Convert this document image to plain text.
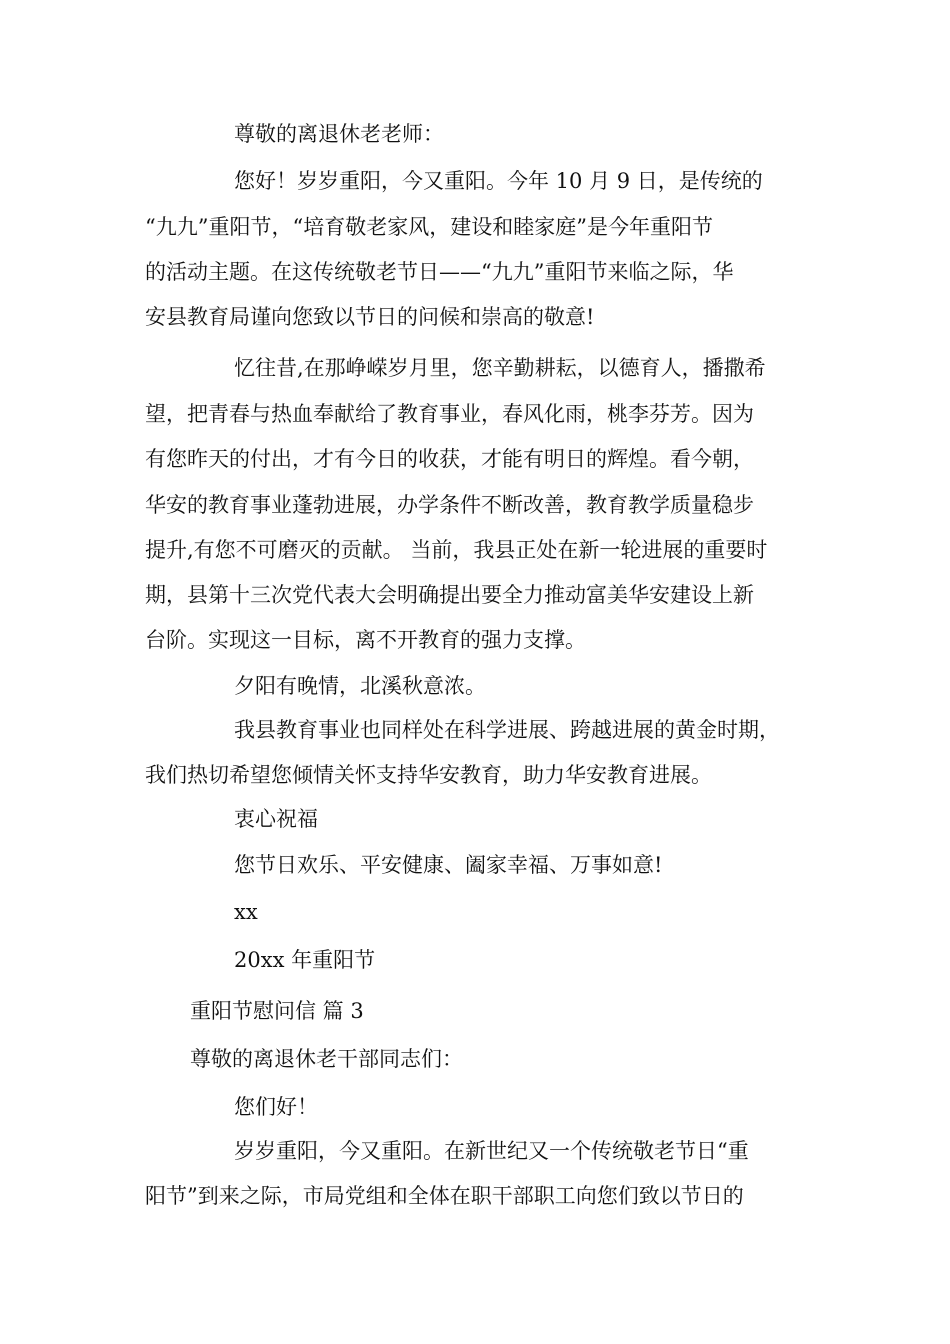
尊敬的离退休老老师：
您好！岁岁重阳，今又重阳。今年 10 月 9 日，是传统的
“九九”重阳节，“培育敬老家风，建设和睦家庭”是今年重阳节
的活动主题。在这传统敬老节日——“九九”重阳节来临之际，华
安县教育局谨向您致以节日的问候和崇高的敬意!
忆往昔,在那峥嵘岁月里，您辛勤耕耘，以德育人，播撒希
望，把青春与热血奉献给了教育事业，春风化雨，桃李芬芳。因为
有您昨天的付出，才有今日的收获，才能有明日的辉煌。看今朝，
华安的教育事业蓬勃进展，办学条件不断改善，教育教学质量稳步
提升,有您不可磨灭的贡献。 当前，我县正处在新一轮进展的重要时
期，县第十三次党代表大会明确提出要全力推动富美华安建设上新
台阶。实现这一目标，离不开教育的强力支撑。
夕阳有晚情，北溪秋意浓。
我县教育事业也同样处在科学进展、跨越进展的黄金时期，
我们热切希望您倾情关怀支持华安教育，助力华安教育进展。
衷心祝福
您节日欢乐、平安健康、阖家幸福、万事如意!
xx
20xx 年重阳节
重阳节慰问信 篇 3
尊敬的离退休老干部同志们：
您们好！
岁岁重阳，今又重阳。在新世纪又一个传统敬老节日“重
阳节”到来之际，市局党组和全体在职干部职工向您们致以节日的
